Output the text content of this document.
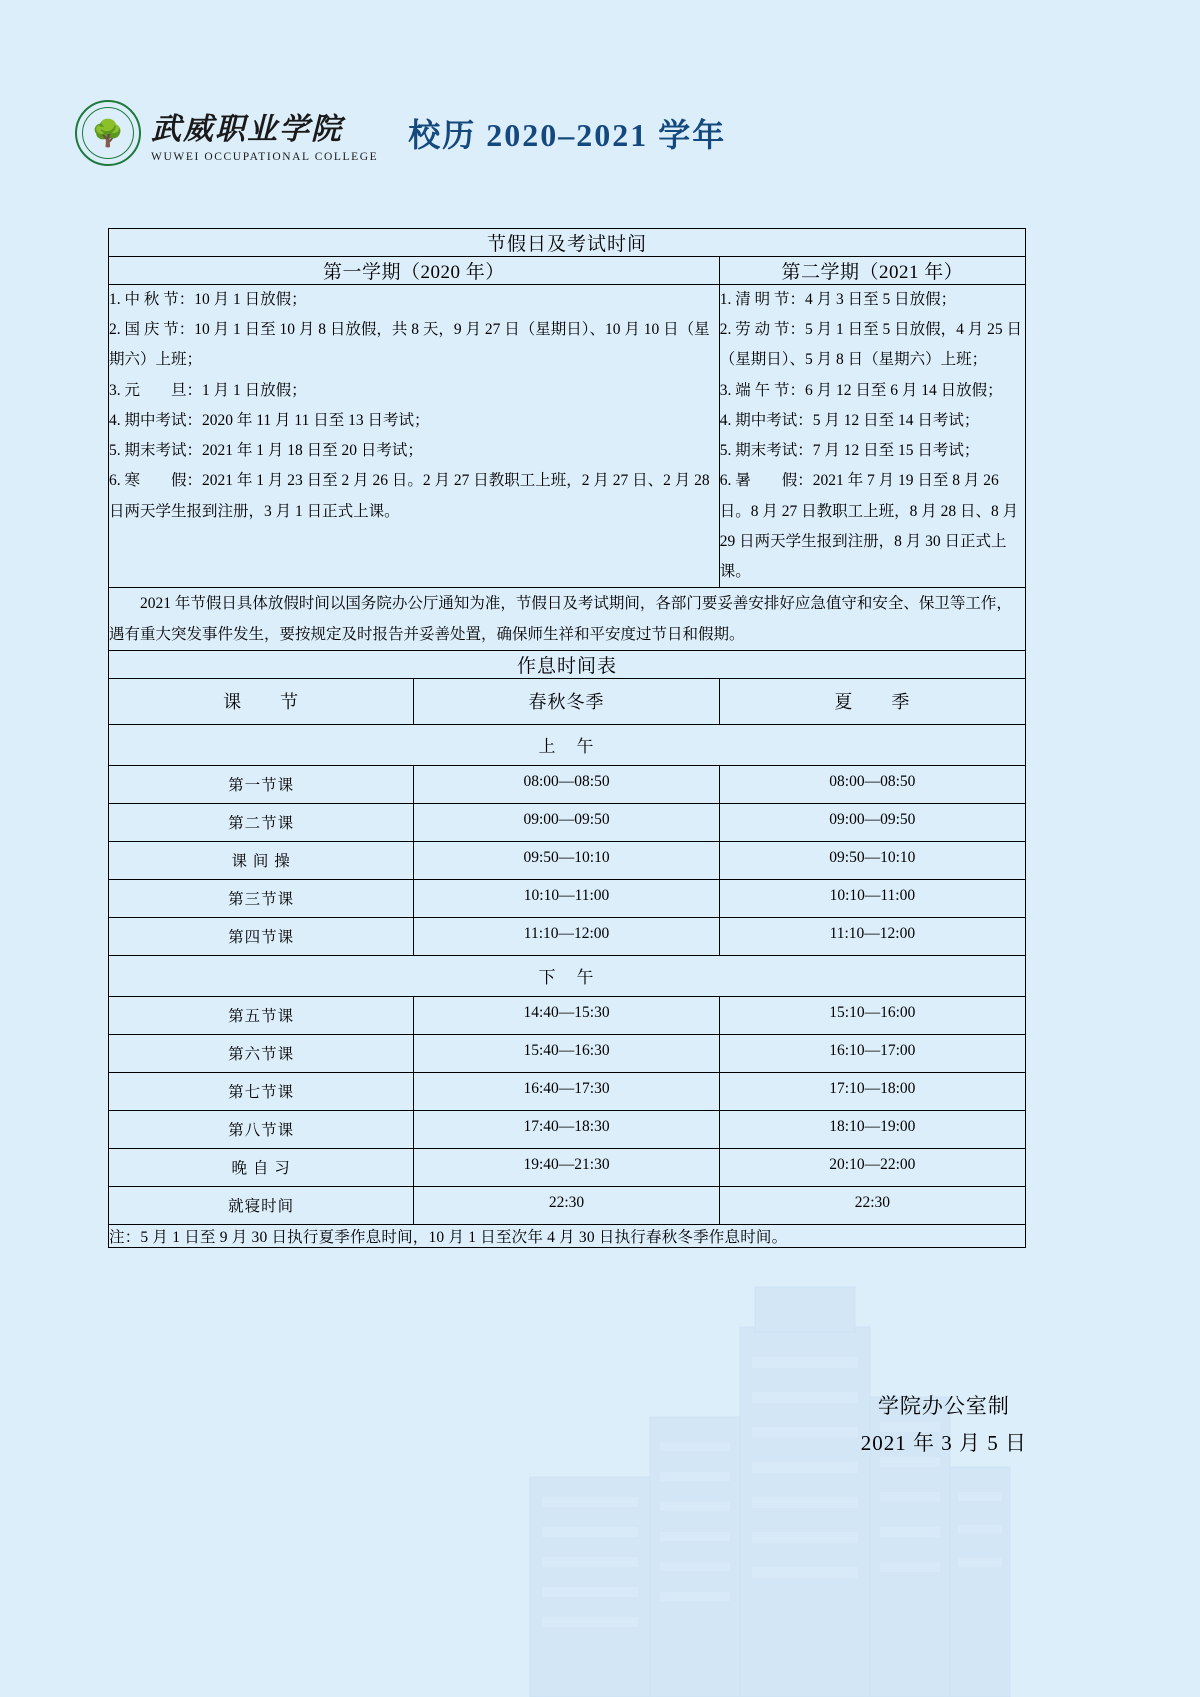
🌳 武威职业学院
WUWEI OCCUPATIONAL COLLEGE
校历 2020–2021 学年
节假日及考试时间		
第一学期（2020 年）		第二学期（2021 年）

1. 中 秋 节：10 月 1 日放假；
2. 国 庆 节：10 月 1 日至 10 月 8 日放假，共 8 天，9 月 27 日（星期日）、10 月 10 日（星期六）上班；
3. 元　　旦：1 月 1 日放假；
4. 期中考试：2020 年 11 月 11 日至 13 日考试；
5. 期末考试：2021 年 1 月 18 日至 20 日考试；
6. 寒　　假：2021 年 1 月 23 日至 2 月 26 日。2 月 27 日教职工上班，2 月 27 日、2 月 28 日两天学生报到注册，3 月 1 日正式上课。

1. 清 明 节：4 月 3 日至 5 日放假；
2. 劳 动 节：5 月 1 日至 5 日放假，4 月 25 日（星期日）、5 月 8 日（星期六）上班；
3. 端 午 节：6 月 12 日至 6 月 14 日放假；
4. 期中考试：5 月 12 日至 14 日考试；
5. 期末考试：7 月 12 日至 15 日考试；
6. 暑　　假：2021 年 7 月 19 日至 8 月 26 日。8 月 27 日教职工上班，8 月 28 日、8 月 29 日两天学生报到注册，8 月 30 日正式上课。

2021 年节假日具体放假时间以国务院办公厅通知为准，节假日及考试期间，各部门要妥善安排好应急值守和安全、保卫等工作，遇有重大突发事件发生，要按规定及时报告并妥善处置，确保师生祥和平安度过节日和假期。		

作息时间表		
课　　节	春秋冬季	夏　　季
上　午		
第一节课	08:00—08:50	08:00—08:50
第二节课	09:00—09:50	09:00—09:50
课 间 操	09:50—10:10	09:50—10:10
第三节课	10:10—11:00	10:10—11:00
第四节课	11:10—12:00	11:10—12:00
下　午		
第五节课	14:40—15:30	15:10—16:00
第六节课	15:40—16:30	16:10—17:00
第七节课	16:40—17:30	17:10—18:00
第八节课	17:40—18:30	18:10—19:00
晚 自 习	19:40—21:30	20:10—22:00
就寝时间	22:30	22:30
注：5 月 1 日至 9 月 30 日执行夏季作息时间，10 月 1 日至次年 4 月 30 日执行春秋冬季作息时间。		
学院办公室制
2021 年 3 月 5 日
